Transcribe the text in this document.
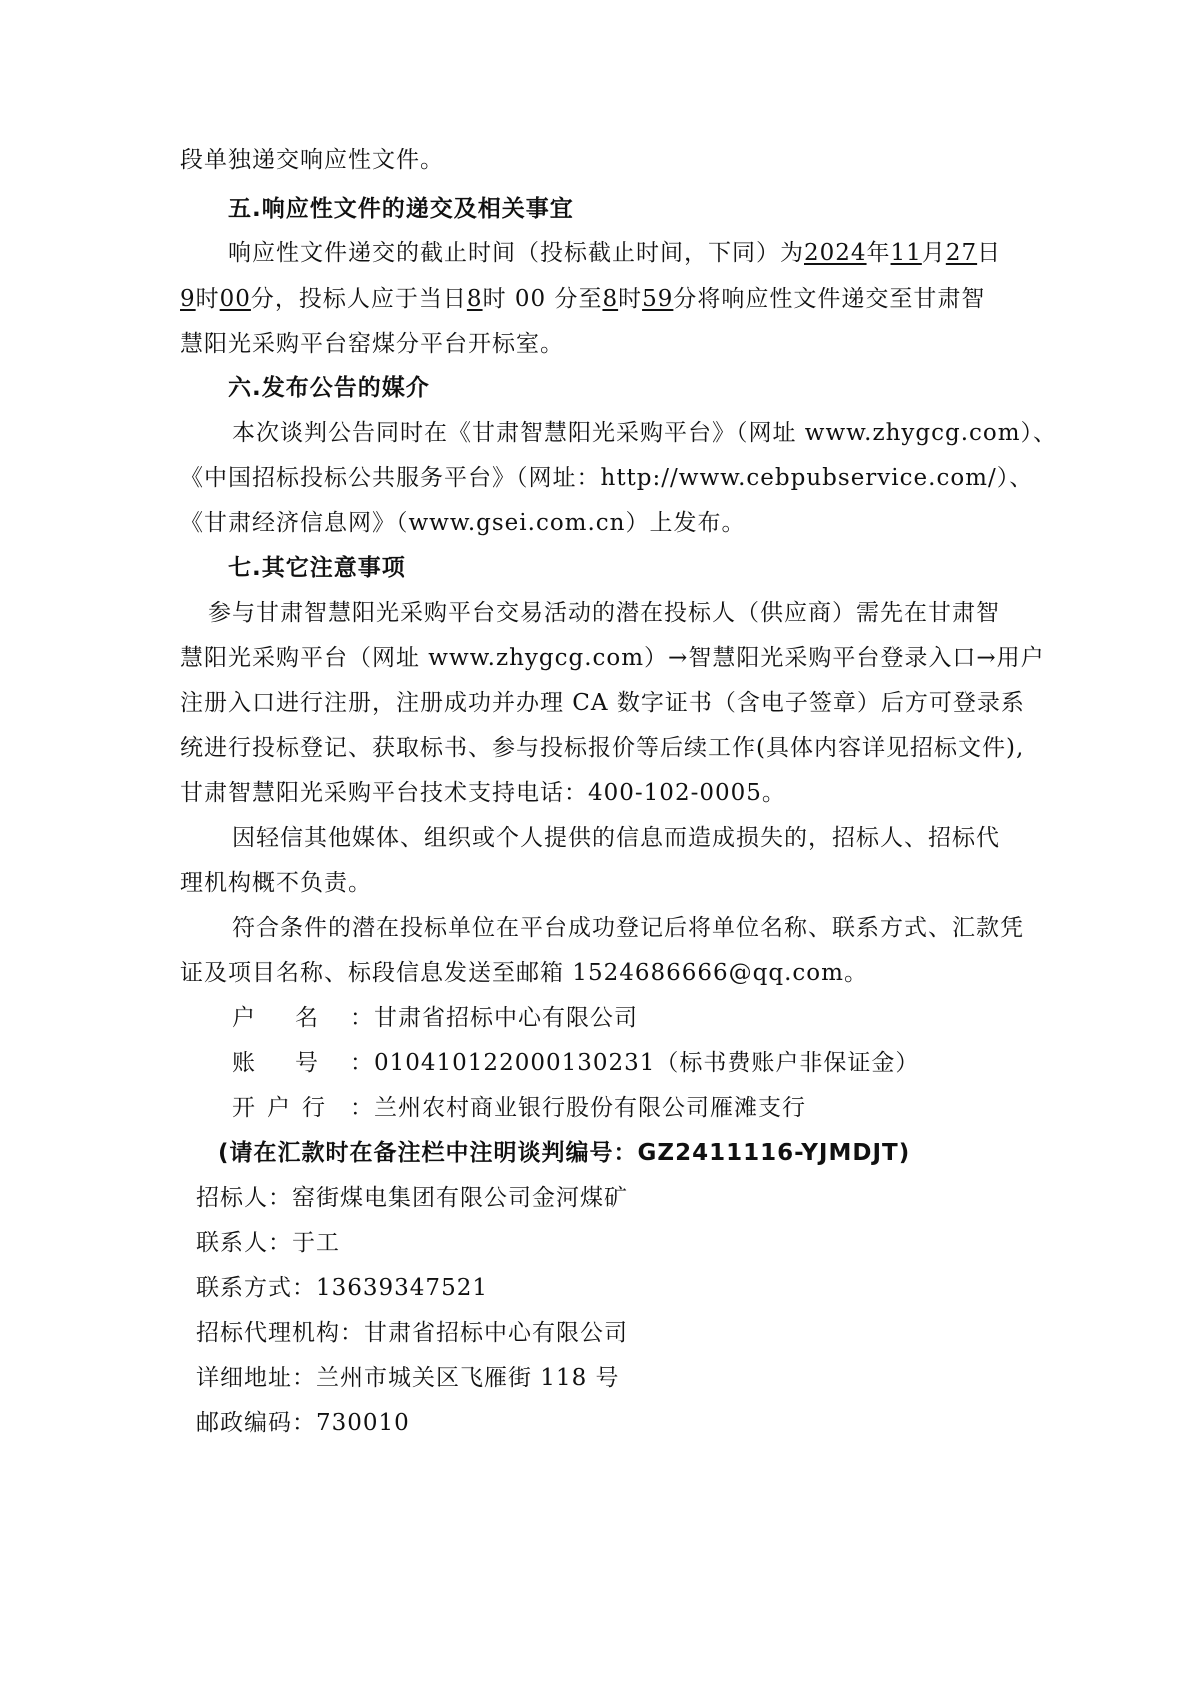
段单独递交响应性文件。
五.响应性文件的递交及相关事宜
响应性文件递交的截止时间（投标截止时间，下同）为2024年11月27日
9时00分，投标人应于当日8时 00 分至8时59分将响应性文件递交至甘肃智
慧阳光采购平台窑煤分平台开标室。
六.发布公告的媒介
本次谈判公告同时在《甘肃智慧阳光采购平台》（网址 www.zhygcg.com）、
《中国招标投标公共服务平台》（网址：http://www.cebpubservice.com/）、
《甘肃经济信息网》（www.gsei.com.cn）上发布。
七.其它注意事项
参与甘肃智慧阳光采购平台交易活动的潜在投标人（供应商）需先在甘肃智
慧阳光采购平台（网址 www.zhygcg.com）→智慧阳光采购平台登录入口→用户
注册入口进行注册，注册成功并办理 CA 数字证书（含电子签章）后方可登录系
统进行投标登记、获取标书、参与投标报价等后续工作(具体内容详见招标文件),
甘肃智慧阳光采购平台技术支持电话：400-102-0005。
因轻信其他媒体、组织或个人提供的信息而造成损失的，招标人、招标代
理机构概不负责。
符合条件的潜在投标单位在平台成功登记后将单位名称、联系方式、汇款凭
证及项目名称、标段信息发送至邮箱 1524686666@qq.com。
户名：甘肃省招标中心有限公司
账号：010410122000130231（标书费账户非保证金）
开户行 ：兰州农村商业银行股份有限公司雁滩支行
(请在汇款时在备注栏中注明谈判编号：GZ2411116-YJMDJT)
招标人：窑街煤电集团有限公司金河煤矿
联系人：于工
联系方式：13639347521
招标代理机构：甘肃省招标中心有限公司
详细地址：兰州市城关区飞雁街 118 号
邮政编码：730010
